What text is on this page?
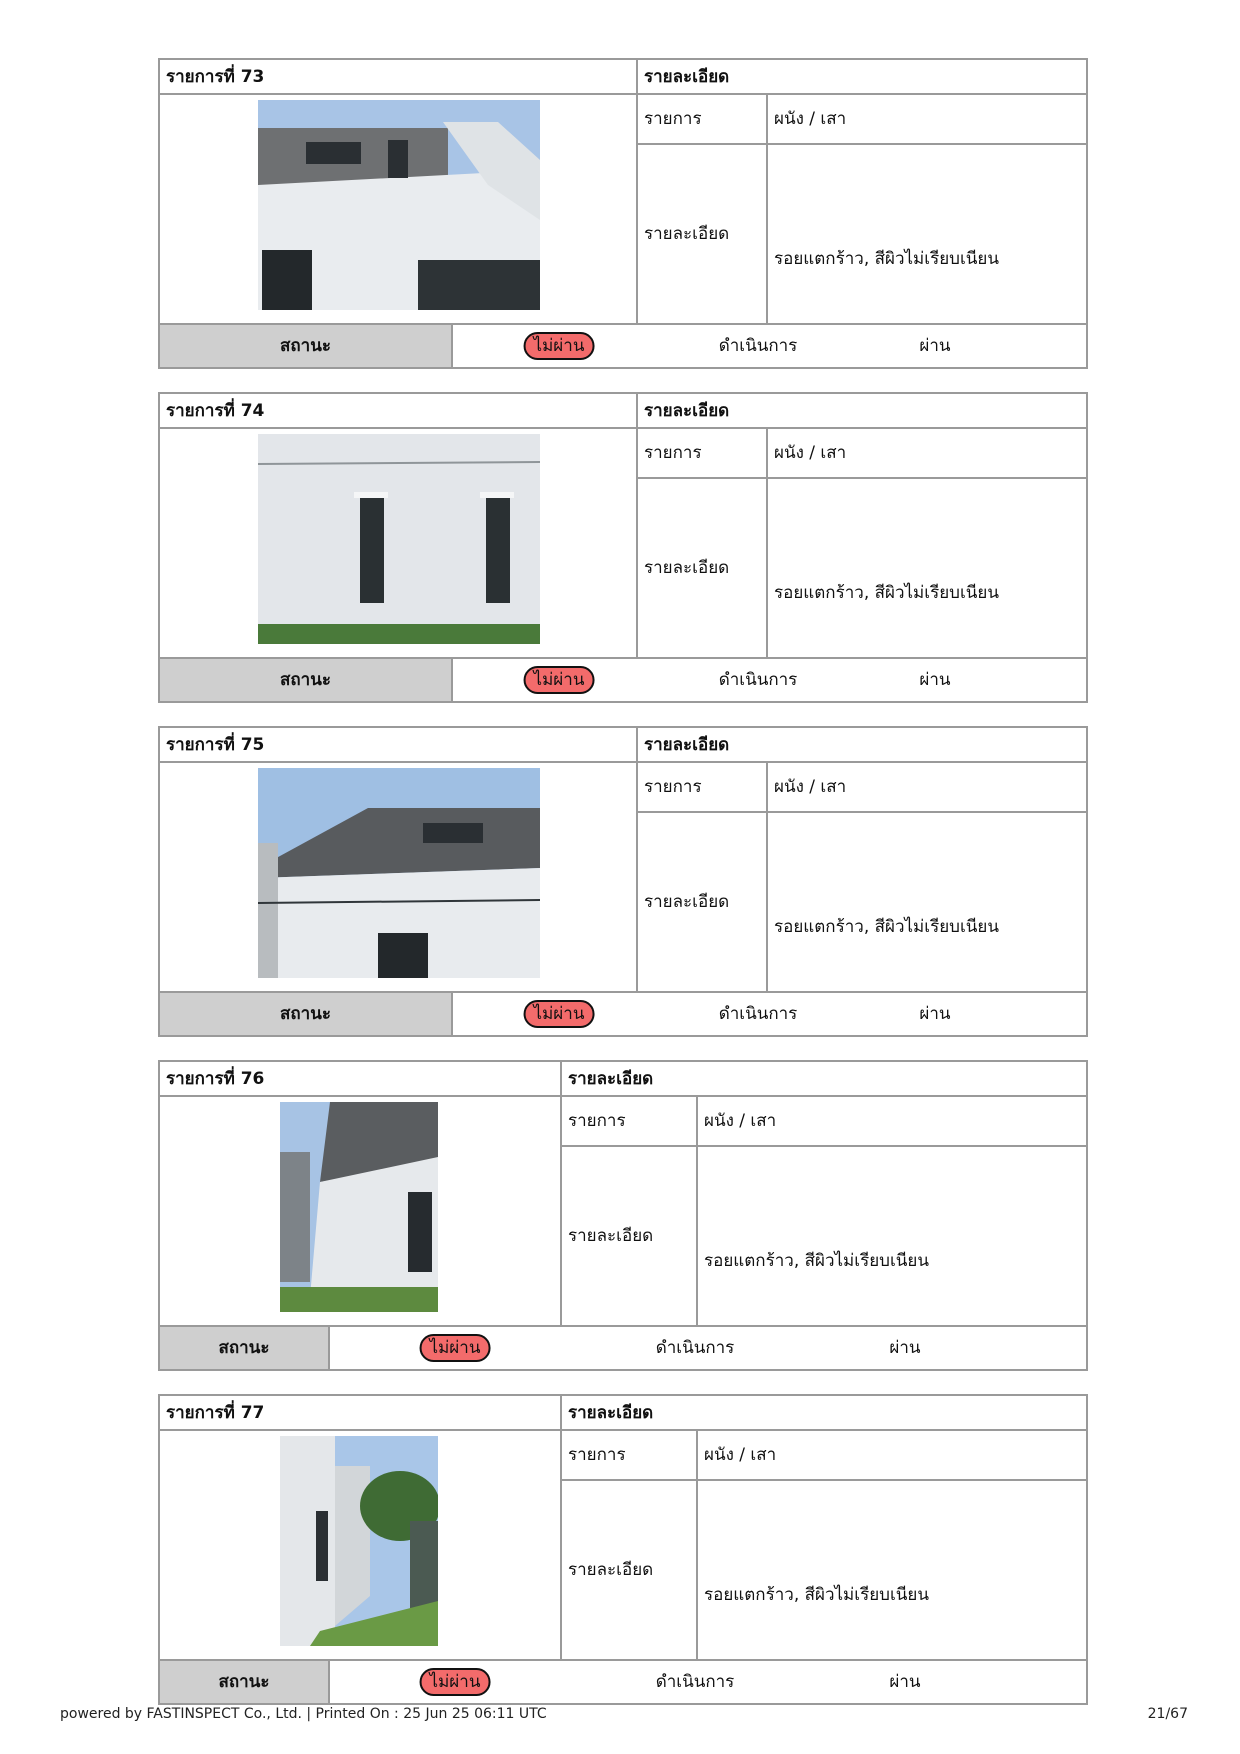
รายการที่ 73	รายละเอียด
รายการ	ผนัง / เสา
รายละเอียด
รอยแตกร้าว, สีผิวไม่เรียบเนียน
สถานะ	ไม่ผ่าน	ดำเนินการ	ผ่าน
รายการที่ 74	รายละเอียด
รายการ	ผนัง / เสา
รายละเอียด
รอยแตกร้าว, สีผิวไม่เรียบเนียน
สถานะ	ไม่ผ่าน	ดำเนินการ	ผ่าน
รายการที่ 75	รายละเอียด
รายการ	ผนัง / เสา
รายละเอียด
รอยแตกร้าว, สีผิวไม่เรียบเนียน
สถานะ	ไม่ผ่าน	ดำเนินการ	ผ่าน
รายการที่ 76	รายละเอียด
รายการ	ผนัง / เสา
รายละเอียด
รอยแตกร้าว, สีผิวไม่เรียบเนียน
สถานะ	ไม่ผ่าน	ดำเนินการ	ผ่าน
รายการที่ 77	รายละเอียด
รายการ	ผนัง / เสา
รายละเอียด
รอยแตกร้าว, สีผิวไม่เรียบเนียน
สถานะ	ไม่ผ่าน	ดำเนินการ	ผ่าน
powered by FASTINSPECT Co., Ltd. | Printed On : 25 Jun 25 06:11 UTC	21/67
